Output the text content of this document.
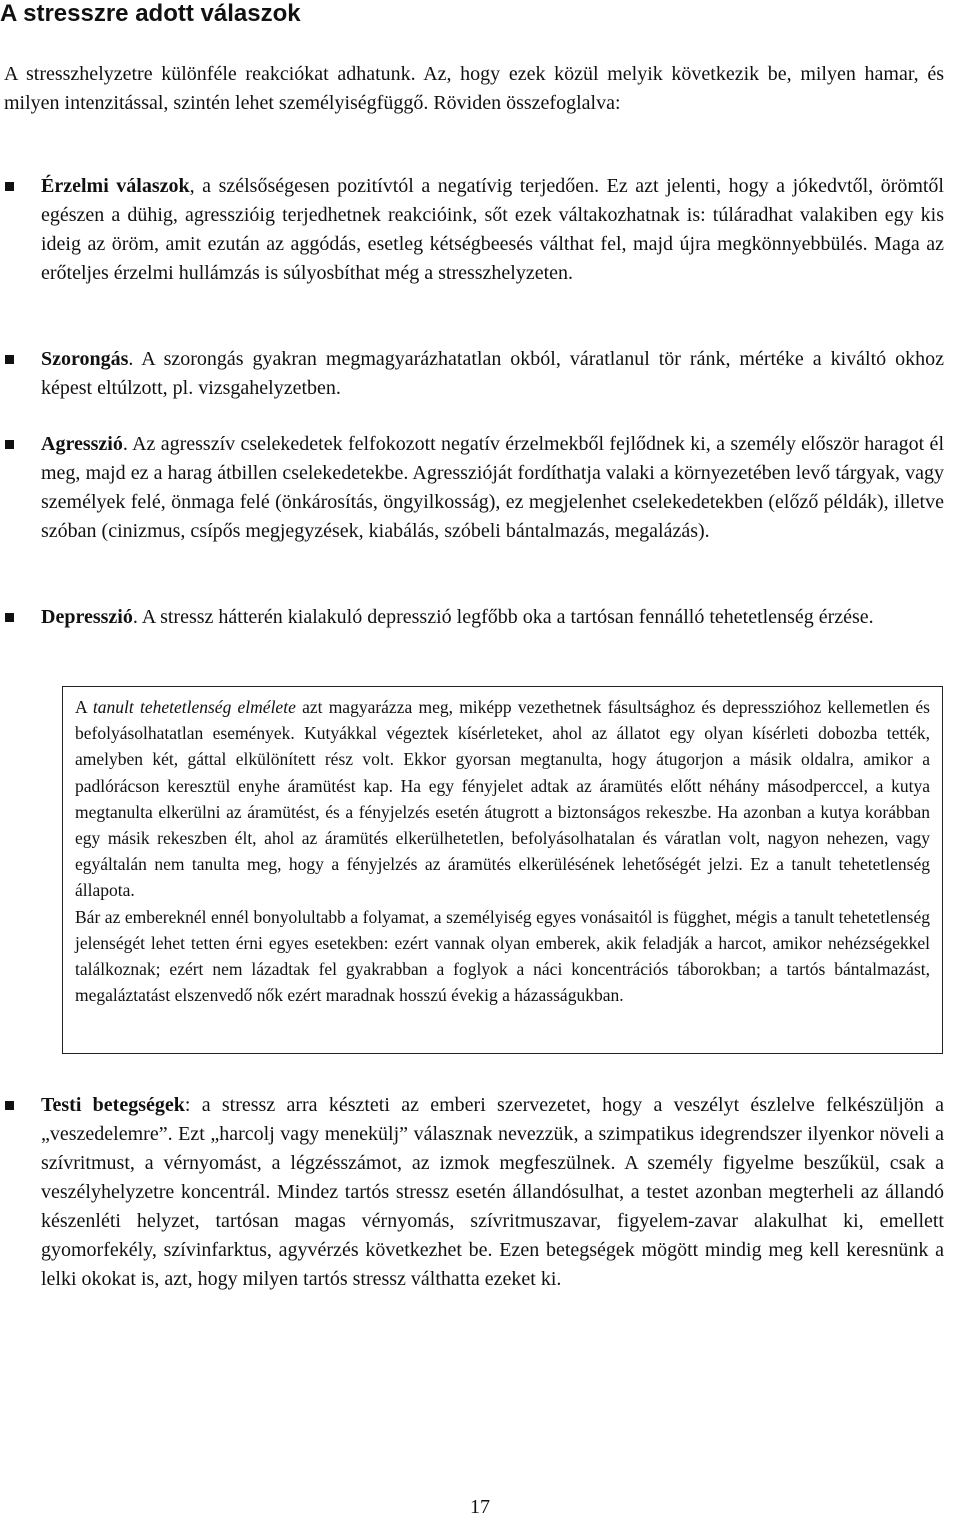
A stresszre adott válaszok

A stresszhelyzetre különféle reakciókat adhatunk. Az, hogy ezek közül melyik következik be, milyen hamar, és milyen intenzitással, szintén lehet személyiségfüggő. Röviden összefoglalva:

Érzelmi válaszok, a szélsőségesen pozitívtól a negatívig terjedően. Ez azt jelenti, hogy a jókedvtől, örömtől egészen a dühig, agresszióig terjedhetnek reakcióink, sőt ezek váltakozhatnak is: túláradhat valakiben egy kis ideig az öröm, amit ezután az aggódás, esetleg kétségbeesés válthat fel, majd újra megkönnyebbülés. Maga az erőteljes érzelmi hullámzás is súlyosbíthat még a stresszhelyzeten.
Szorongás. A szorongás gyakran megmagyarázhatatlan okból, váratlanul tör ránk, mértéke a kiváltó okhoz képest eltúlzott, pl. vizsgahelyzetben.
Agresszió. Az agresszív cselekedetek felfokozott negatív érzelmekből fejlődnek ki, a személy először haragot él meg, majd ez a harag átbillen cselekedetekbe. Agresszióját fordíthatja valaki a környezetében levő tárgyak, vagy személyek felé, önmaga felé (önkárosítás, öngyilkosság), ez megjelenhet cselekedetekben (előző példák), illetve szóban (cinizmus, csípős megjegyzések, kiabálás, szóbeli bántalmazás, megalázás).
Depresszió. A stressz hátterén kialakuló depresszió legfőbb oka a tartósan fennálló tehetetlenség érzése.

A tanult tehetetlenség elmélete azt magyarázza meg, miképp vezethetnek fásultsághoz és depresszióhoz kellemetlen és befolyásolhatatlan események. Kutyákkal végeztek kísérleteket, ahol az állatot egy olyan kísérleti dobozba tették, amelyben két, gáttal elkülönített rész volt. Ekkor gyorsan megtanulta, hogy átugorjon a másik oldalra, amikor a padlórácson keresztül enyhe áramütést kap. Ha egy fényjelet adtak az áramütés előtt néhány másodperccel, a kutya megtanulta elkerülni az áramütést, és a fényjelzés esetén átugrott a biztonságos rekeszbe. Ha azonban a kutya korábban egy másik rekeszben élt, ahol az áramütés elkerülhetetlen, befolyásolhatalan és váratlan volt, nagyon nehezen, vagy egyáltalán nem tanulta meg, hogy a fényjelzés az áramütés elkerülésének lehetőségét jelzi. Ez a tanult tehetetlenség állapota.

Bár az embereknél ennél bonyolultabb a folyamat, a személyiség egyes vonásaitól is függhet, mégis a tanult tehetetlenség jelenségét lehet tetten érni egyes esetekben: ezért vannak olyan emberek, akik feladják a harcot, amikor nehézségekkel találkoznak; ezért nem lázadtak fel gyakrabban a foglyok a náci koncentrációs táborokban; a tartós bántalmazást, megaláztatást elszenvedő nők ezért maradnak hosszú évekig a házasságukban.

Testi betegségek: a stressz arra készteti az emberi szervezetet, hogy a veszélyt észlelve felkészüljön a „veszedelemre”. Ezt „harcolj vagy menekülj” válasznak nevezzük, a szimpatikus idegrendszer ilyenkor növeli a szívritmust, a vérnyomást, a légzésszámot, az izmok megfeszülnek. A személy figyelme beszűkül, csak a veszélyhelyzetre koncentrál. Mindez tartós stressz esetén állandósulhat, a testet azonban megterheli az állandó készenléti helyzet, tartósan magas vérnyomás, szívritmuszavar, figyelem-zavar alakulhat ki, emellett gyomorfekély, szívinfarktus, agyvérzés következhet be. Ezen betegségek mögött mindig meg kell keresnünk a lelki okokat is, azt, hogy milyen tartós stressz válthatta ezeket ki.
17
